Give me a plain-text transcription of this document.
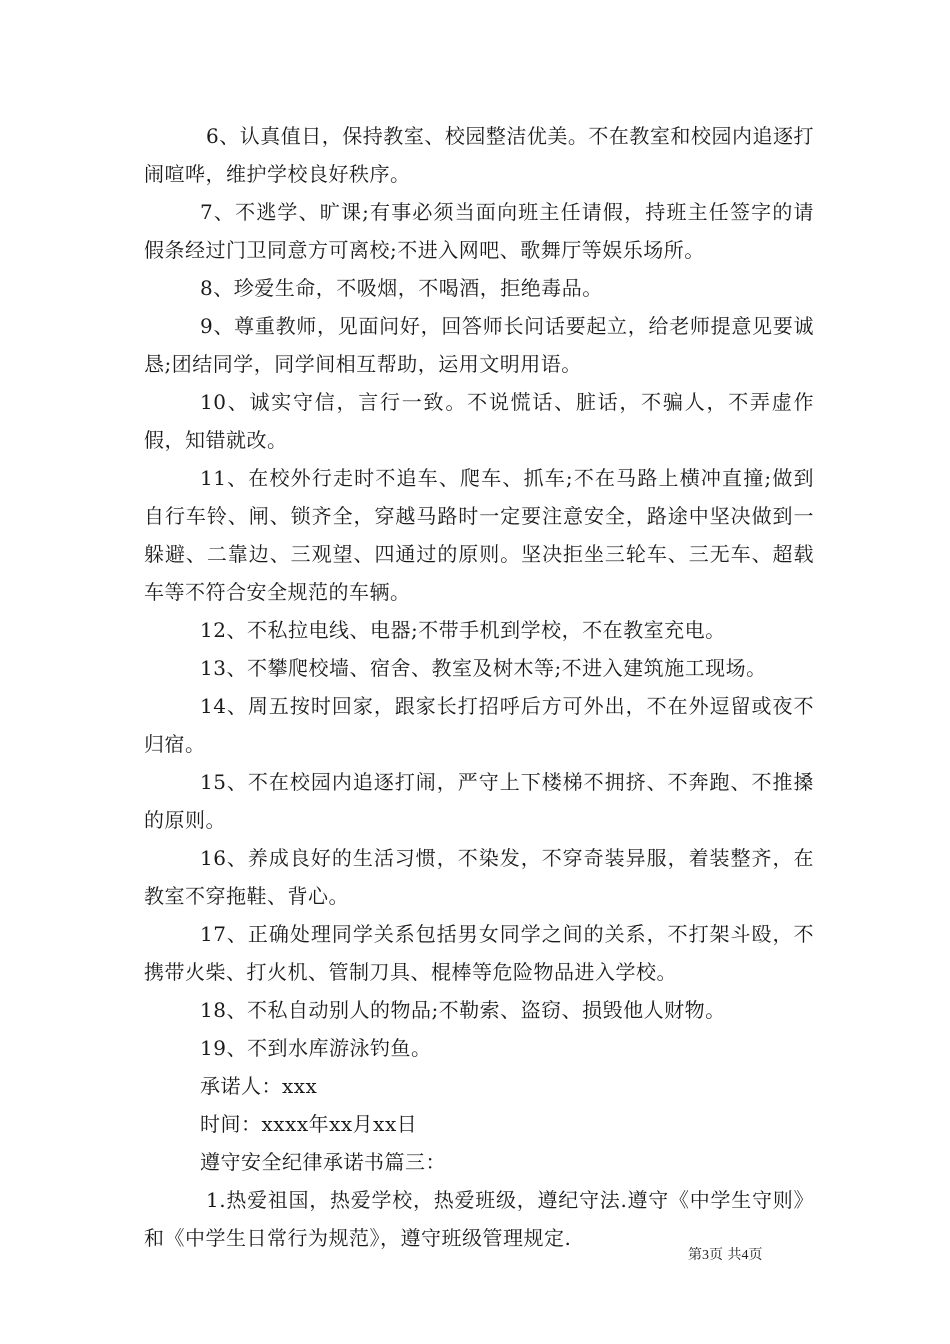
6、认真值日，保持教室、校园整洁优美。不在教室和校园内追逐打闹喧哗，维护学校良好秩序。

7、不逃学、旷课;有事必须当面向班主任请假，持班主任签字的请假条经过门卫同意方可离校;不进入网吧、歌舞厅等娱乐场所。

8、珍爱生命，不吸烟，不喝酒，拒绝毒品。

9、尊重教师，见面问好，回答师长问话要起立，给老师提意见要诚恳;团结同学，同学间相互帮助，运用文明用语。

10、诚实守信，言行一致。不说慌话、脏话，不骗人，不弄虚作假，知错就改。

11、在校外行走时不追车、爬车、抓车;不在马路上横冲直撞;做到自行车铃、闸、锁齐全，穿越马路时一定要注意安全，路途中坚决做到一躲避、二靠边、三观望、四通过的原则。坚决拒坐三轮车、三无车、超载车等不符合安全规范的车辆。

12、不私拉电线、电器;不带手机到学校，不在教室充电。

13、不攀爬校墙、宿舍、教室及树木等;不进入建筑施工现场。

14、周五按时回家，跟家长打招呼后方可外出，不在外逗留或夜不归宿。

15、不在校园内追逐打闹，严守上下楼梯不拥挤、不奔跑、不推搡的原则。

16、养成良好的生活习惯，不染发，不穿奇装异服，着装整齐，在教室不穿拖鞋、背心。

17、正确处理同学关系包括男女同学之间的关系，不打架斗殴，不携带火柴、打火机、管制刀具、棍棒等危险物品进入学校。

18、不私自动别人的物品;不勒索、盗窃、损毁他人财物。

19、不到水库游泳钓鱼。

承诺人：xxx

时间：xxxx年xx月xx日

遵守安全纪律承诺书篇三：

1.热爱祖国，热爱学校，热爱班级，遵纪守法.遵守《中学生守则》和《中学生日常行为规范》，遵守班级管理规定.

第3页 共4页
